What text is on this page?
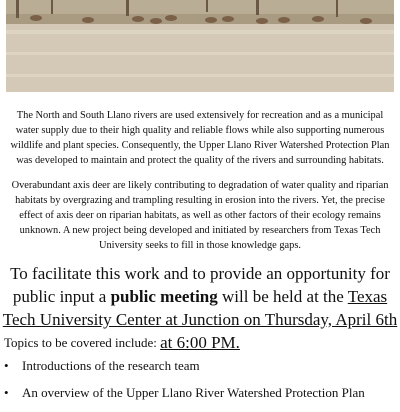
The North and South Llano rivers are used extensively for recreation and as a municipal water supply due to their high quality and reliable flows while also supporting numerous wildlife and plant species. Consequently, the Upper Llano River Watershed Protection Plan was developed to maintain and protect the quality of the rivers and surrounding habitats.
Overabundant axis deer are likely contributing to degradation of water quality and riparian habitats by overgrazing and trampling resulting in erosion into the rivers. Yet, the precise effect of axis deer on riparian habitats, as well as other factors of their ecology remains unknown. A new project being developed and initiated by researchers from Texas Tech University seeks to fill in those knowledge gaps.
To facilitate this work and to provide an opportunity for public input a public meeting will be held at the Texas Tech University Center at Junction on Thursday, April 6th at 6:00 PM.
Topics to be covered include:
• Introductions of the research team
• An overview of the Upper Llano River Watershed Protection Plan
